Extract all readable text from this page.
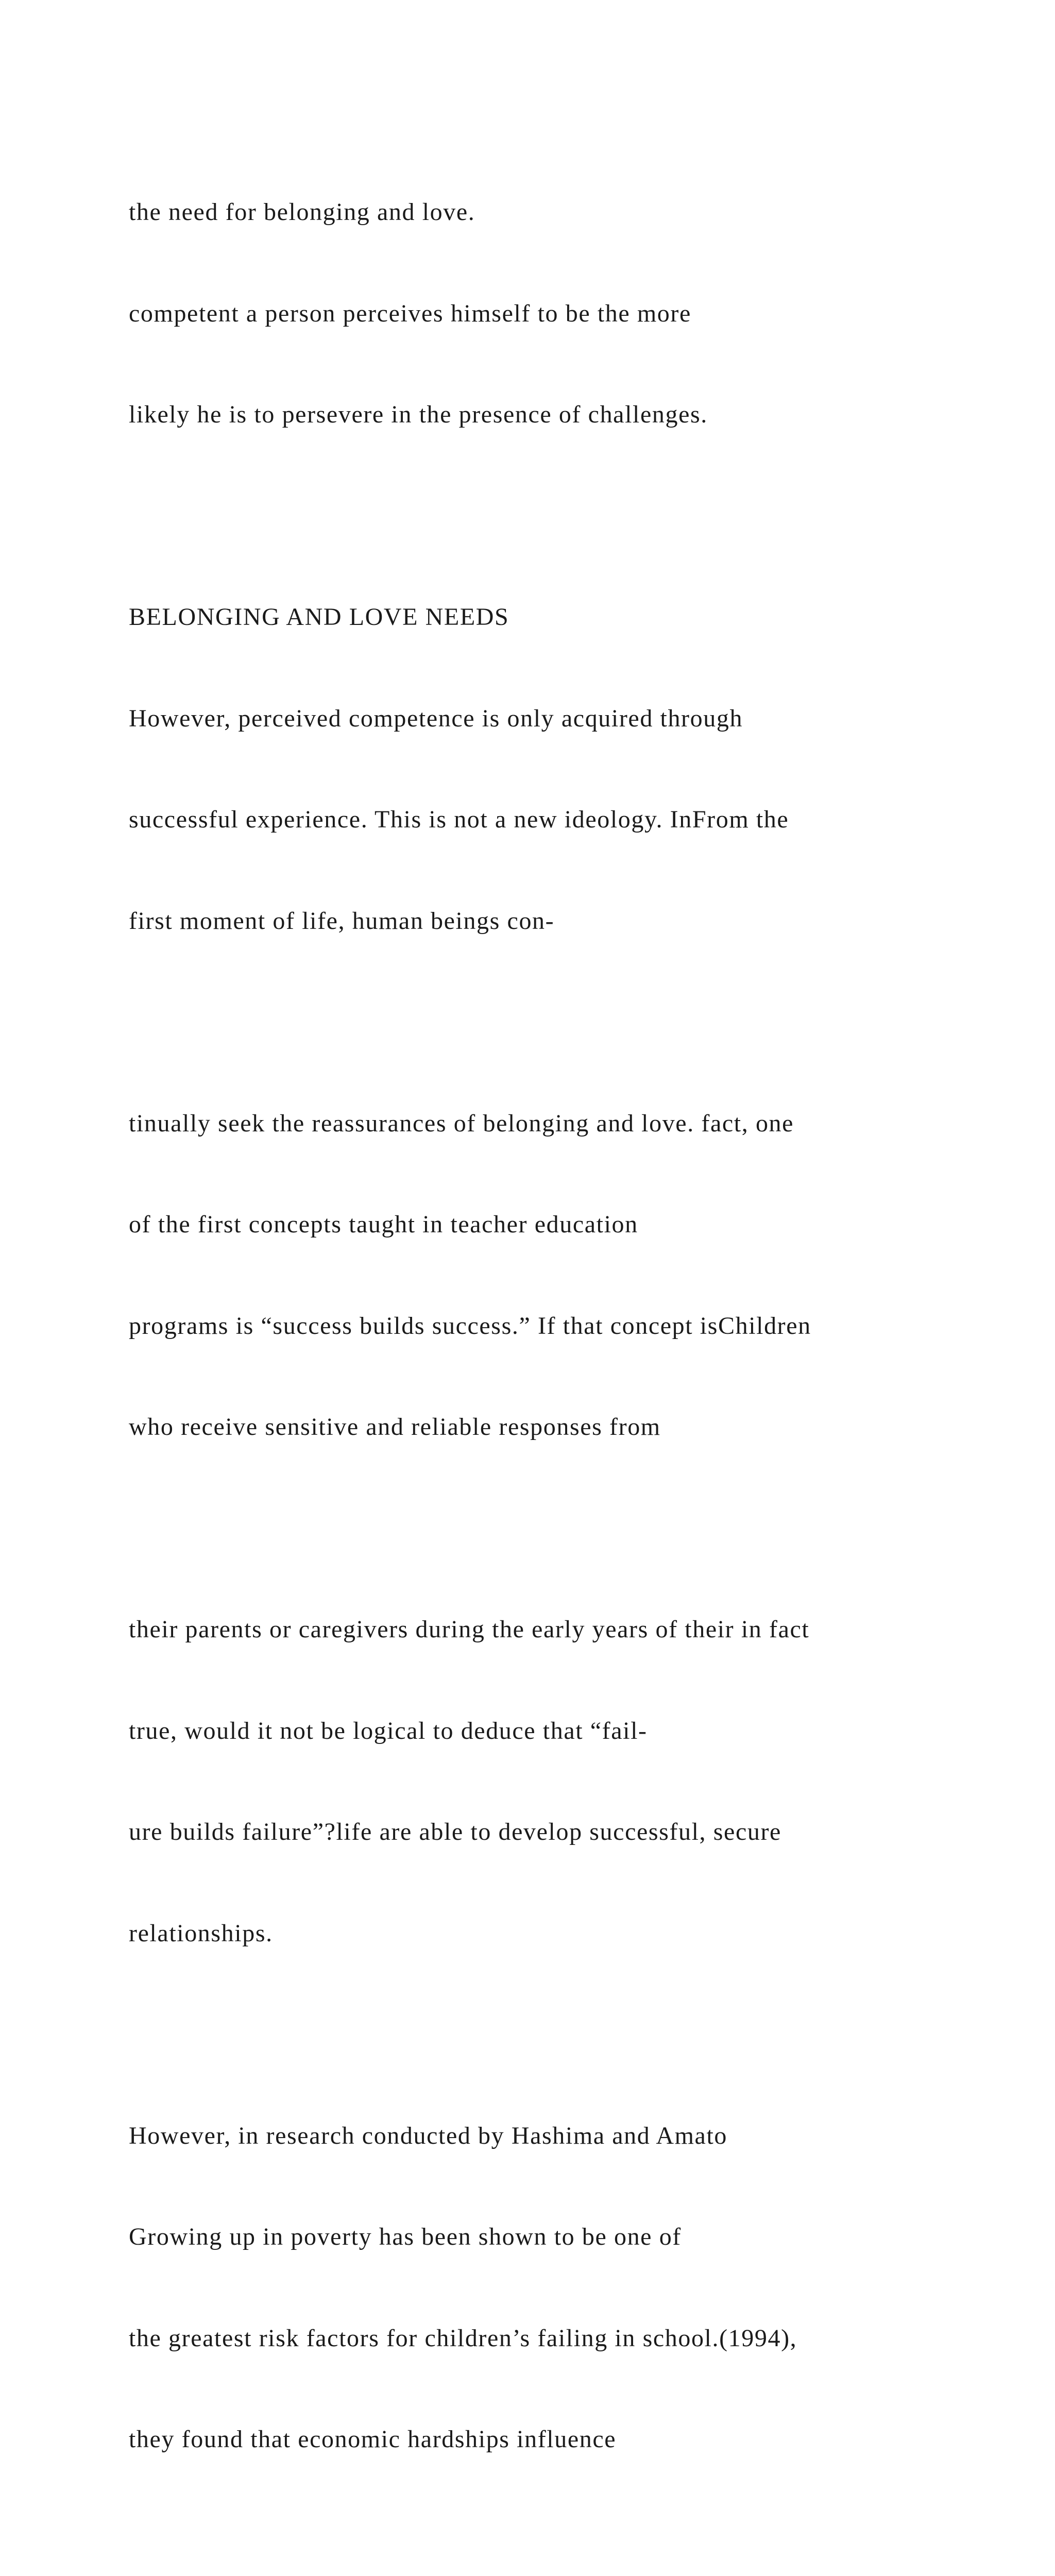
the need for belonging and love.

competent a person perceives himself to be the more

likely he is to persevere in the presence of challenges.

BELONGING AND LOVE NEEDS

However, perceived competence is only acquired through

successful experience. This is not a new ideology. InFrom the

first moment of life, human beings con-

tinually seek the reassurances of belonging and love. fact, one

of the first concepts taught in teacher education

programs is “success builds success.” If that concept isChildren

who receive sensitive and reliable responses from

their parents or caregivers during the early years of their in fact

true, would it not be logical to deduce that “fail-

ure builds failure”?life are able to develop successful, secure

relationships.

However, in research conducted by Hashima and Amato

Growing up in poverty has been shown to be one of

the greatest risk factors for children’s failing in school.(1994),

they found that economic hardships influence
